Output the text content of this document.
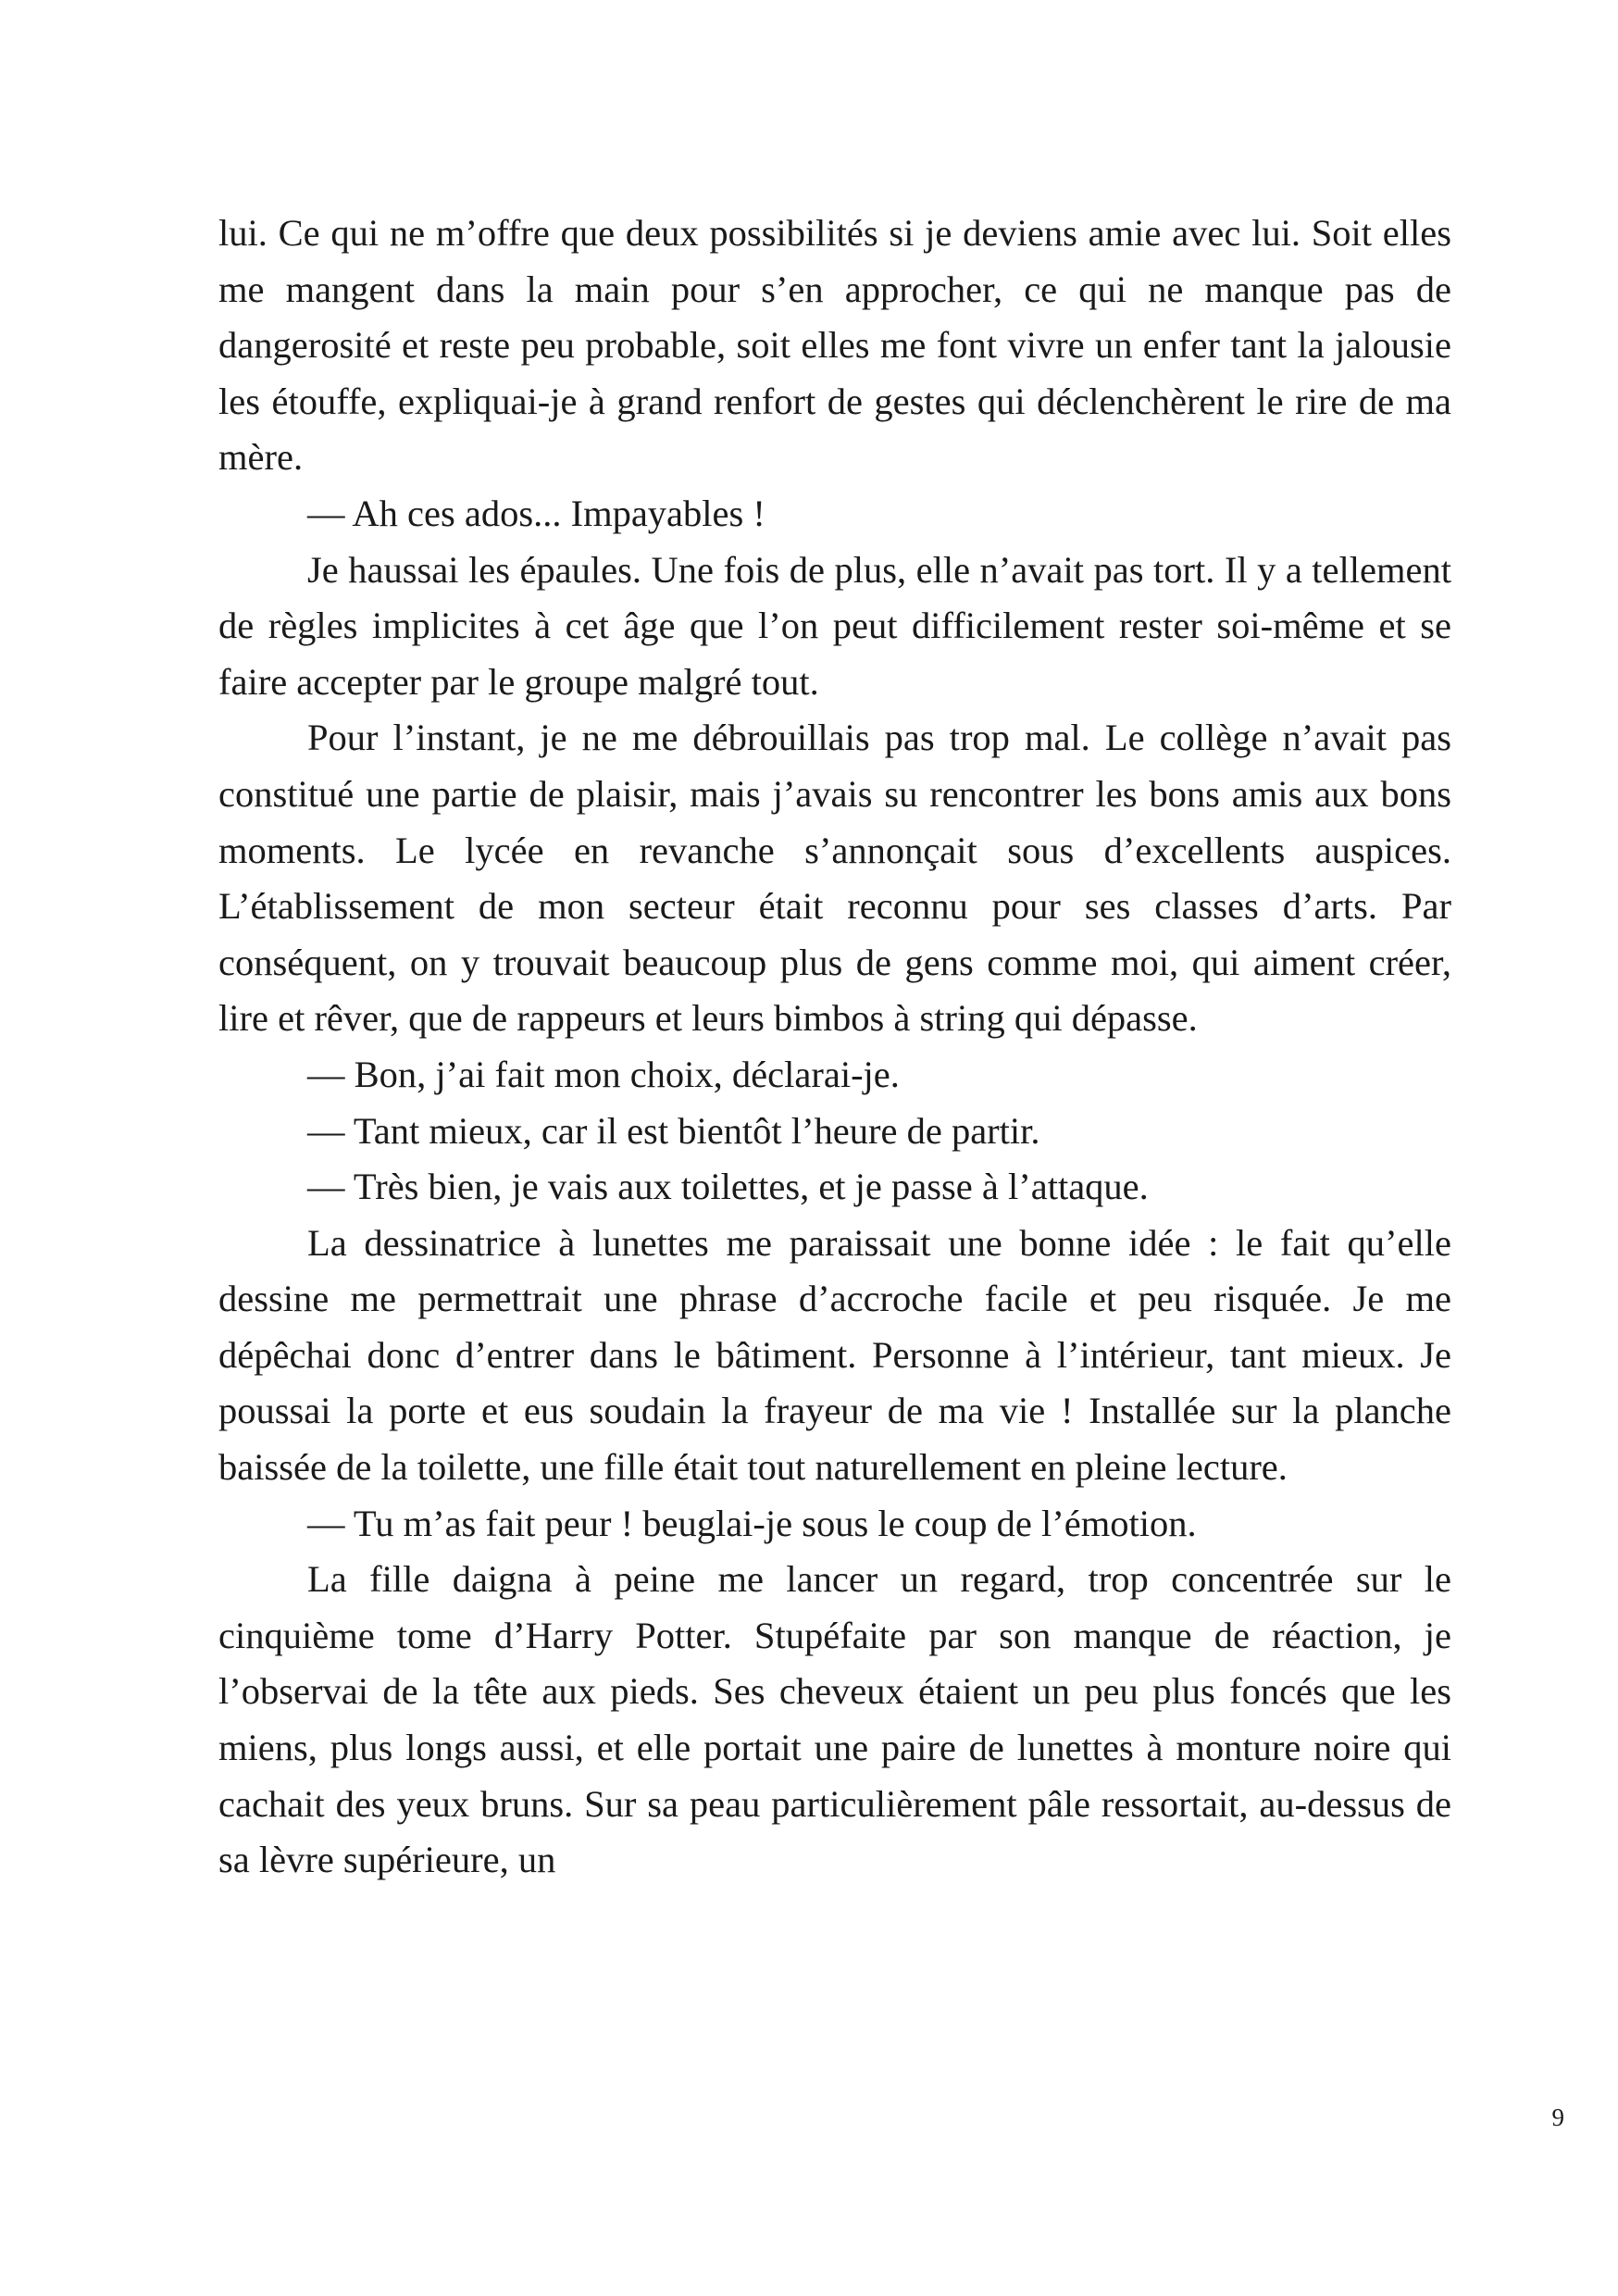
lui. Ce qui ne m’offre que deux possibilités si je deviens amie avec lui. Soit elles me mangent dans la main pour s’en approcher, ce qui ne manque pas de dangerosité et reste peu probable, soit elles me font vivre un enfer tant la jalousie les étouffe, expliquai-je à grand renfort de gestes qui déclenchèrent le rire de ma mère.

— Ah ces ados... Impayables !

Je haussai les épaules. Une fois de plus, elle n’avait pas tort. Il y a tellement de règles implicites à cet âge que l’on peut difficilement rester soi-même et se faire accepter par le groupe malgré tout.

Pour l’instant, je ne me débrouillais pas trop mal. Le collège n’avait pas constitué une partie de plaisir, mais j’avais su rencontrer les bons amis aux bons moments. Le lycée en revanche s’annonçait sous d’excellents auspices. L’établissement de mon secteur était reconnu pour ses classes d’arts. Par conséquent, on y trouvait beaucoup plus de gens comme moi, qui aiment créer, lire et rêver, que de rappeurs et leurs bimbos à string qui dépasse.

— Bon, j’ai fait mon choix, déclarai-je.

— Tant mieux, car il est bientôt l’heure de partir.

— Très bien, je vais aux toilettes, et je passe à l’attaque.

La dessinatrice à lunettes me paraissait une bonne idée : le fait qu’elle dessine me permettrait une phrase d’accroche facile et peu risquée. Je me dépêchai donc d’entrer dans le bâtiment. Personne à l’intérieur, tant mieux. Je poussai la porte et eus soudain la frayeur de ma vie ! Installée sur la planche baissée de la toilette, une fille était tout naturellement en pleine lecture.

— Tu m’as fait peur ! beuglai-je sous le coup de l’émotion.

La fille daigna à peine me lancer un regard, trop concentrée sur le cinquième tome d’Harry Potter. Stupéfaite par son manque de réaction, je l’observai de la tête aux pieds. Ses cheveux étaient un peu plus foncés que les miens, plus longs aussi, et elle portait une paire de lunettes à monture noire qui cachait des yeux bruns. Sur sa peau particulièrement pâle ressortait, au-dessus de sa lèvre supérieure, un

9
